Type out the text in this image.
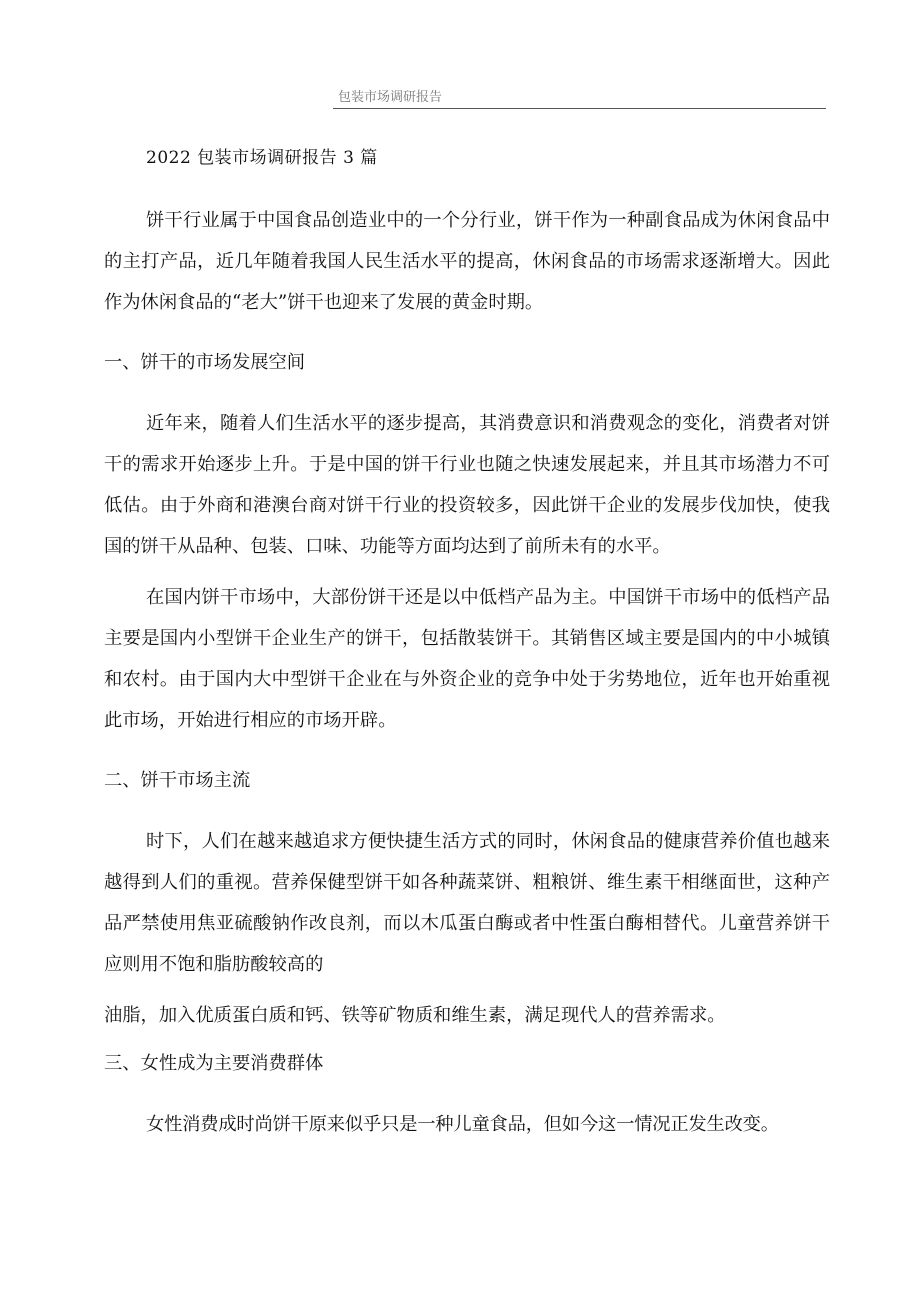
包装市场调研报告
2022 包装市场调研报告 3 篇

饼干行业属于中国食品创造业中的一个分行业，饼干作为一种副食品成为休闲食品中的主打产品，近几年随着我国人民生活水平的提高，休闲食品的市场需求逐渐增大。因此作为休闲食品的“老大”饼干也迎来了发展的黄金时期。

一、饼干的市场发展空间

近年来，随着人们生活水平的逐步提高，其消费意识和消费观念的变化，消费者对饼干的需求开始逐步上升。于是中国的饼干行业也随之快速发展起来，并且其市场潜力不可低估。由于外商和港澳台商对饼干行业的投资较多，因此饼干企业的发展步伐加快，使我国的饼干从品种、包装、口味、功能等方面均达到了前所未有的水平。

在国内饼干市场中，大部份饼干还是以中低档产品为主。中国饼干市场中的低档产品主要是国内小型饼干企业生产的饼干，包括散装饼干。其销售区域主要是国内的中小城镇和农村。由于国内大中型饼干企业在与外资企业的竞争中处于劣势地位，近年也开始重视此市场，开始进行相应的市场开辟。

二、饼干市场主流

时下，人们在越来越追求方便快捷生活方式的同时，休闲食品的健康营养价值也越来越得到人们的重视。营养保健型饼干如各种蔬菜饼、粗粮饼、维生素干相继面世，这种产品严禁使用焦亚硫酸钠作改良剂，而以木瓜蛋白酶或者中性蛋白酶相替代。儿童营养饼干应则用不饱和脂肪酸较高的

油脂，加入优质蛋白质和钙、铁等矿物质和维生素，满足现代人的营养需求。

三、女性成为主要消费群体

女性消费成时尚饼干原来似乎只是一种儿童食品，但如今这一情况正发生改变。
